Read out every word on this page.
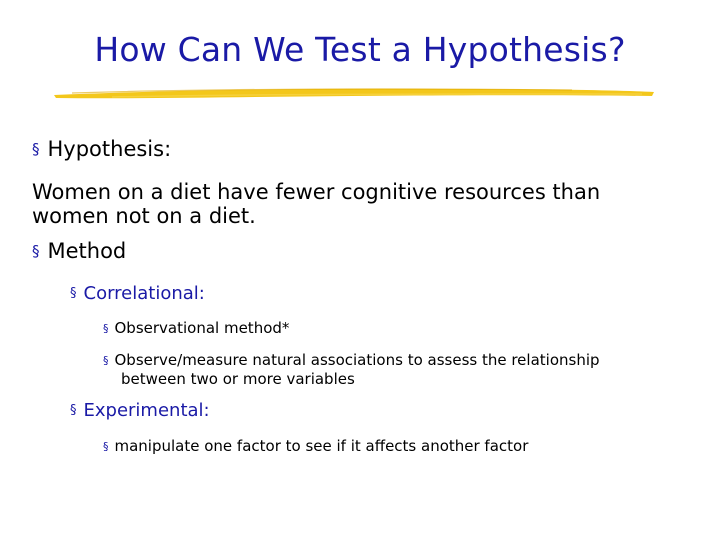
How Can We Test a Hypothesis?
§ Hypothesis:
Women on a diet have fewer cognitive resources than
women not on a diet.
§ Method
§ Correlational:
§ Observational method*
§ Observe/measure natural associations to assess the relationship
between two or more variables
§ Experimental:
§ manipulate one factor to see if it affects another factor
